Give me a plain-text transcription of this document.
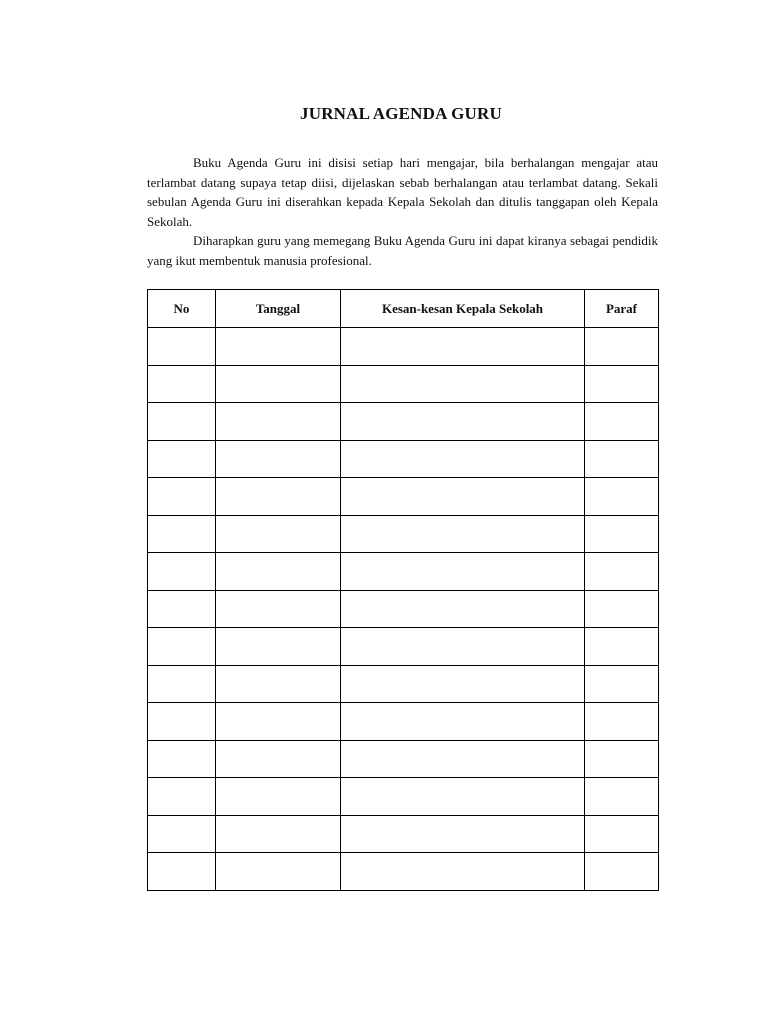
JURNAL AGENDA GURU

Buku Agenda Guru ini disisi setiap hari mengajar, bila berhalangan mengajar atau terlambat datang supaya tetap diisi, dijelaskan sebab berhalangan atau terlambat datang. Sekali sebulan Agenda Guru ini diserahkan kepada Kepala Sekolah dan ditulis tanggapan oleh Kepala Sekolah.

Diharapkan guru yang memegang Buku Agenda Guru ini dapat kiranya sebagai pendidik yang ikut membentuk manusia profesional.

No	Tanggal	Kesan-kesan Kepala Sekolah	Paraf
